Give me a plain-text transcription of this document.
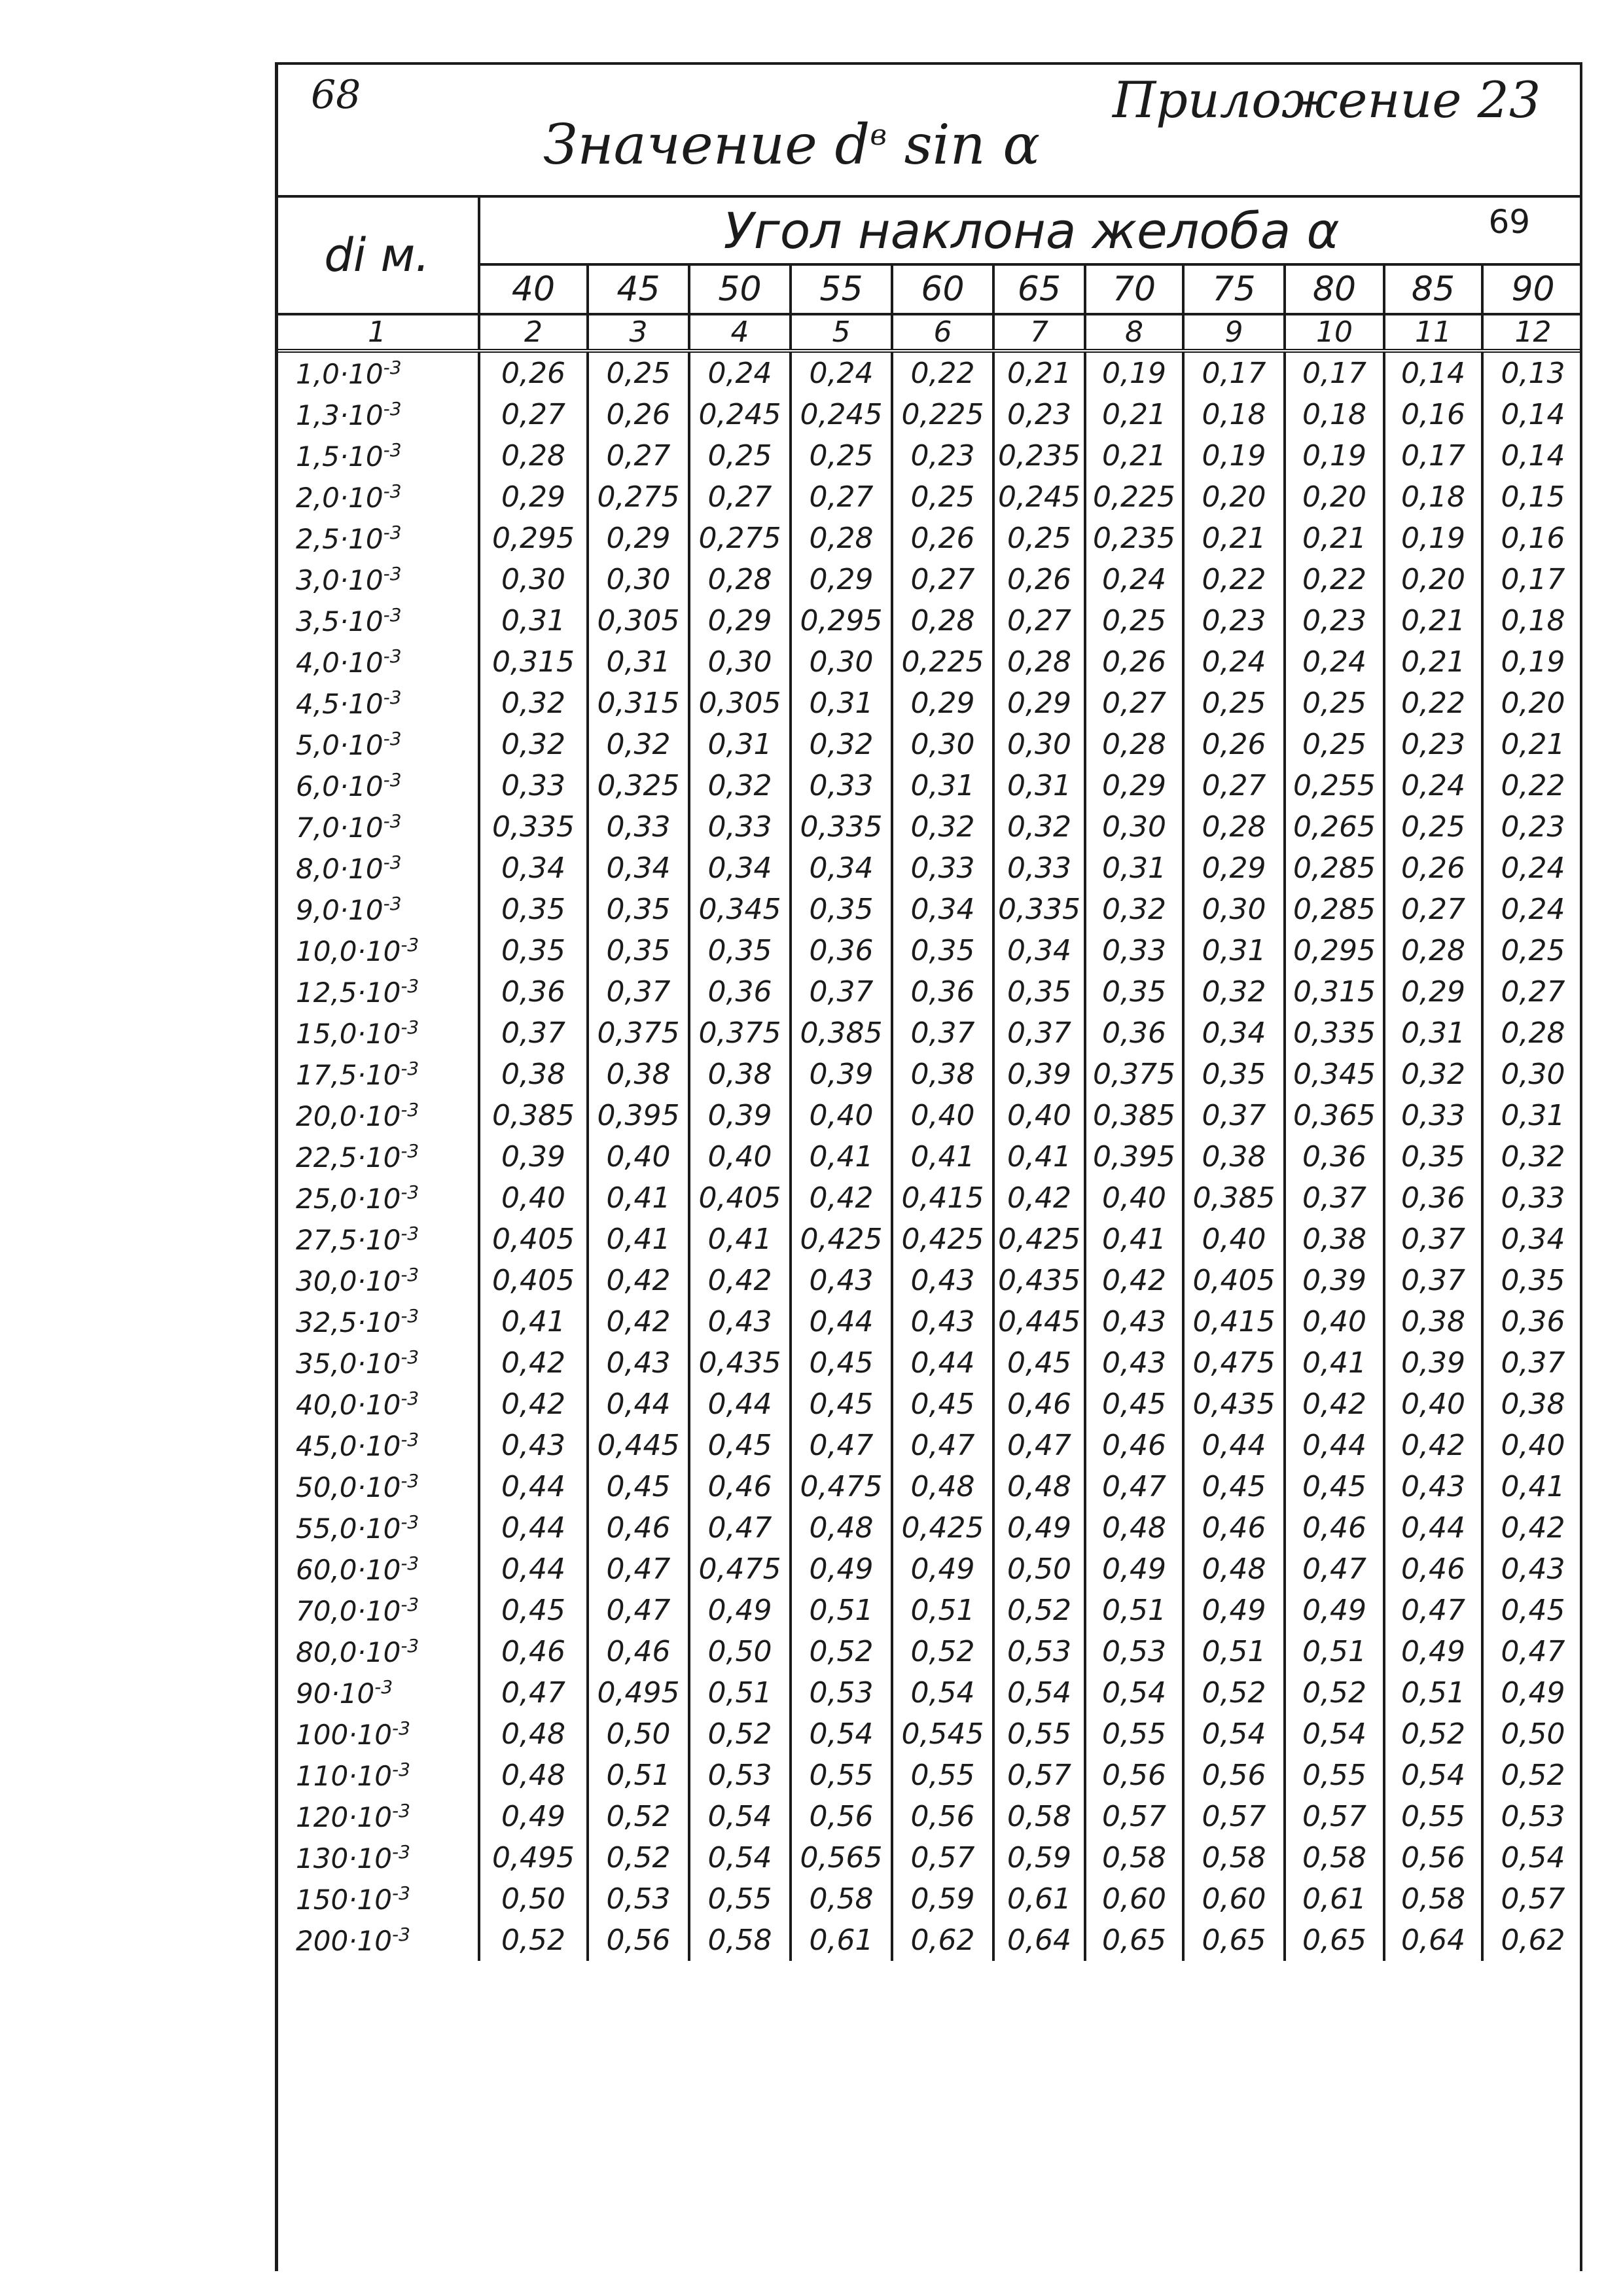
68	Приложение 23
Значение $d^в$ sin α
di м.	Угол наклона желоба α 69										

	40	45	50	55	60	65	70	75	80	85	90
1	2	3	4	5	6	7	8	9	10	11	12
$1,0\cdot 10^{-3}$	0,26	0,25	0,24	0,24	0,22	0,21	0,19	0,17	0,17	0,14	0,13
$1,3\cdot 10^{-3}$	0,27	0,26	0,245	0,245	0,225	0,23	0,21	0,18	0,18	0,16	0,14
$1,5\cdot 10^{-3}$	0,28	0,27	0,25	0,25	0,23	0,235	0,21	0,19	0,19	0,17	0,14
$2,0\cdot 10^{-3}$	0,29	0,275	0,27	0,27	0,25	0,245	0,225	0,20	0,20	0,18	0,15
$2,5\cdot 10^{-3}$	0,295	0,29	0,275	0,28	0,26	0,25	0,235	0,21	0,21	0,19	0,16
$3,0\cdot 10^{-3}$	0,30	0,30	0,28	0,29	0,27	0,26	0,24	0,22	0,22	0,20	0,17
$3,5\cdot 10^{-3}$	0,31	0,305	0,29	0,295	0,28	0,27	0,25	0,23	0,23	0,21	0,18
$4,0\cdot 10^{-3}$	0,315	0,31	0,30	0,30	0,225	0,28	0,26	0,24	0,24	0,21	0,19
$4,5\cdot 10^{-3}$	0,32	0,315	0,305	0,31	0,29	0,29	0,27	0,25	0,25	0,22	0,20
$5,0\cdot 10^{-3}$	0,32	0,32	0,31	0,32	0,30	0,30	0,28	0,26	0,25	0,23	0,21
$6,0\cdot 10^{-3}$	0,33	0,325	0,32	0,33	0,31	0,31	0,29	0,27	0,255	0,24	0,22
$7,0\cdot 10^{-3}$	0,335	0,33	0,33	0,335	0,32	0,32	0,30	0,28	0,265	0,25	0,23
$8,0\cdot 10^{-3}$	0,34	0,34	0,34	0,34	0,33	0,33	0,31	0,29	0,285	0,26	0,24
$9,0\cdot 10^{-3}$	0,35	0,35	0,345	0,35	0,34	0,335	0,32	0,30	0,285	0,27	0,24
$10,0\cdot 10^{-3}$	0,35	0,35	0,35	0,36	0,35	0,34	0,33	0,31	0,295	0,28	0,25
$12,5\cdot 10^{-3}$	0,36	0,37	0,36	0,37	0,36	0,35	0,35	0,32	0,315	0,29	0,27
$15,0\cdot 10^{-3}$	0,37	0,375	0,375	0,385	0,37	0,37	0,36	0,34	0,335	0,31	0,28
$17,5\cdot 10^{-3}$	0,38	0,38	0,38	0,39	0,38	0,39	0,375	0,35	0,345	0,32	0,30
$20,0\cdot 10^{-3}$	0,385	0,395	0,39	0,40	0,40	0,40	0,385	0,37	0,365	0,33	0,31
$22,5\cdot 10^{-3}$	0,39	0,40	0,40	0,41	0,41	0,41	0,395	0,38	0,36	0,35	0,32
$25,0\cdot 10^{-3}$	0,40	0,41	0,405	0,42	0,415	0,42	0,40	0,385	0,37	0,36	0,33
$27,5\cdot 10^{-3}$	0,405	0,41	0,41	0,425	0,425	0,425	0,41	0,40	0,38	0,37	0,34
$30,0\cdot 10^{-3}$	0,405	0,42	0,42	0,43	0,43	0,435	0,42	0,405	0,39	0,37	0,35
$32,5\cdot 10^{-3}$	0,41	0,42	0,43	0,44	0,43	0,445	0,43	0,415	0,40	0,38	0,36
$35,0\cdot 10^{-3}$	0,42	0,43	0,435	0,45	0,44	0,45	0,43	0,475	0,41	0,39	0,37
$40,0\cdot 10^{-3}$	0,42	0,44	0,44	0,45	0,45	0,46	0,45	0,435	0,42	0,40	0,38
$45,0\cdot 10^{-3}$	0,43	0,445	0,45	0,47	0,47	0,47	0,46	0,44	0,44	0,42	0,40
$50,0\cdot 10^{-3}$	0,44	0,45	0,46	0,475	0,48	0,48	0,47	0,45	0,45	0,43	0,41
$55,0\cdot 10^{-3}$	0,44	0,46	0,47	0,48	0,425	0,49	0,48	0,46	0,46	0,44	0,42
$60,0\cdot 10^{-3}$	0,44	0,47	0,475	0,49	0,49	0,50	0,49	0,48	0,47	0,46	0,43
$70,0\cdot 10^{-3}$	0,45	0,47	0,49	0,51	0,51	0,52	0,51	0,49	0,49	0,47	0,45
$80,0\cdot 10^{-3}$	0,46	0,46	0,50	0,52	0,52	0,53	0,53	0,51	0,51	0,49	0,47
$90\cdot 10^{-3}$	0,47	0,495	0,51	0,53	0,54	0,54	0,54	0,52	0,52	0,51	0,49
$100\cdot 10^{-3}$	0,48	0,50	0,52	0,54	0,545	0,55	0,55	0,54	0,54	0,52	0,50
$110\cdot 10^{-3}$	0,48	0,51	0,53	0,55	0,55	0,57	0,56	0,56	0,55	0,54	0,52
$120\cdot 10^{-3}$	0,49	0,52	0,54	0,56	0,56	0,58	0,57	0,57	0,57	0,55	0,53
$130\cdot 10^{-3}$	0,495	0,52	0,54	0,565	0,57	0,59	0,58	0,58	0,58	0,56	0,54
$150\cdot 10^{-3}$	0,50	0,53	0,55	0,58	0,59	0,61	0,60	0,60	0,61	0,58	0,57
$200\cdot 10^{-3}$	0,52	0,56	0,58	0,61	0,62	0,64	0,65	0,65	0,65	0,64	0,62
